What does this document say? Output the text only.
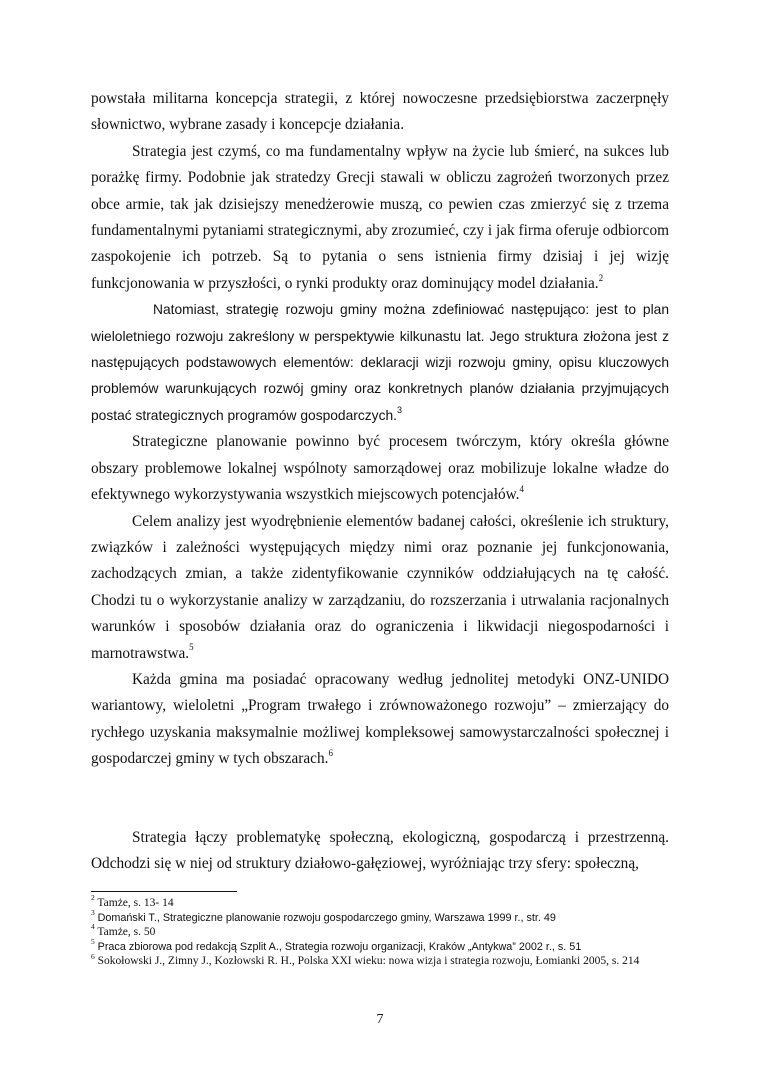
powstała militarna koncepcja strategii, z której nowoczesne przedsiębiorstwa zaczerpnęły słownictwo, wybrane zasady i koncepcje działania.

Strategia jest czymś, co ma fundamentalny wpływ na życie lub śmierć, na sukces lub porażkę firmy. Podobnie jak stratedzy Grecji stawali w obliczu zagrożeń tworzonych przez obce armie, tak jak dzisiejszy menedżerowie muszą, co pewien czas zmierzyć się z trzema fundamentalnymi pytaniami strategicznymi, aby zrozumieć, czy i jak firma oferuje odbiorcom zaspokojenie ich potrzeb. Są to pytania o sens istnienia firmy dzisiaj i jej wizję funkcjonowania w przyszłości, o rynki produkty oraz dominujący model działania.$^2$

Natomiast, strategię rozwoju gminy można zdefiniować następująco: jest to plan wieloletniego rozwoju zakreślony w perspektywie kilkunastu lat. Jego struktura złożona jest z następujących podstawowych elementów: deklaracji wizji rozwoju gminy, opisu kluczowych problemów warunkujących rozwój gminy oraz konkretnych planów działania przyjmujących postać strategicznych programów gospodarczych.$^3$

Strategiczne planowanie powinno być procesem twórczym, który określa główne obszary problemowe lokalnej wspólnoty samorządowej oraz mobilizuje lokalne władze do efektywnego wykorzystywania wszystkich miejscowych potencjałów.$^4$

Celem analizy jest wyodrębnienie elementów badanej całości, określenie ich struktury, związków i zależności występujących między nimi oraz poznanie jej funkcjonowania, zachodzących zmian, a także zidentyfikowanie czynników oddziałujących na tę całość. Chodzi tu o wykorzystanie analizy w zarządzaniu, do rozszerzania i utrwalania racjonalnych warunków i sposobów działania oraz do ograniczenia i likwidacji niegospodarności i marnotrawstwa.$^5$

Każda gmina ma posiadać opracowany według jednolitej metodyki ONZ-UNIDO wariantowy, wieloletni „Program trwałego i zrównoważonego rozwoju” – zmierzający do rychłego uzyskania maksymalnie możliwej kompleksowej samowystarczalności społecznej i gospodarczej gminy w tych obszarach.$^6$

Strategia łączy problematykę społeczną, ekologiczną, gospodarczą i przestrzenną. Odchodzi się w niej od struktury działowo-gałęziowej, wyróżniając trzy sfery: społeczną,

$^2$ Tamże, s. 13- 14

$^3$ Domański T., Strategiczne planowanie rozwoju gospodarczego gminy, Warszawa 1999 r., str. 49

$^4$ Tamże, s. 50

$^5$ Praca zbiorowa pod redakcją Szplit A., Strategia rozwoju organizacji, Kraków „Antykwa” 2002 r., s. 51

$^6$ Sokołowski J., Zimny J., Kozłowski R. H., Polska XXI wieku: nowa wizja i strategia rozwoju, Łomianki 2005, s. 214

7
